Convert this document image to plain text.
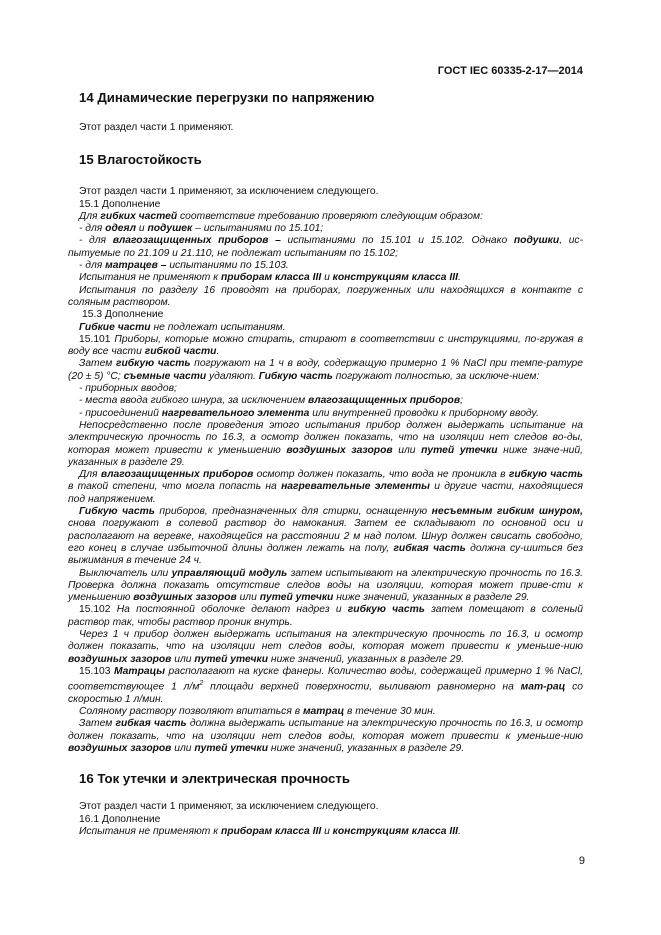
ГОСТ IEC 60335-2-17—2014
14 Динамические перегрузки по напряжению

Этот раздел части 1 применяют.

15 Влагостойкость

Этот раздел части 1 применяют, за исключением следующего.

15.1 Дополнение

Для гибких частей соответствие требованию проверяют следующим образом:

- для одеял и подушек – испытаниями по 15.101;

- для влагозащищенных приборов – испытаниями по 15.101 и 15.102. Однако подушки, ис-пытуемые по 21.109 и 21.110, не подлежат испытаниям по 15.102;

- для матрацев – испытаниями по 15.103.

Испытания не применяют к приборам класса III и конструкциям класса III.

Испытания по разделу 16 проводят на приборах, погруженных или находящихся в контакте с соляным раствором.

15.3 Дополнение

Гибкие части не подлежат испытаниям.

15.101 Приборы, которые можно стирать, стирают в соответствии с инструкциями, по-гружая в воду все части гибкой части.

Затем гибкую часть погружают на 1 ч в воду, содержащую примерно 1 % NaCl при темпе-ратуре (20 ± 5) °С; съемные части удаляют. Гибкую часть погружают полностью, за исключе-нием:

- приборных вводов;

- места ввода гибкого шнура, за исключением влагозащищенных приборов;

- присоединений нагревательного элемента или внутренней проводки к приборному вводу.

Непосредственно после проведения этого испытания прибор должен выдержать испытание на электрическую прочность по 16.3, а осмотр должен показать, что на изоляции нет следов во-ды, которая может привести к уменьшению воздушных зазоров или путей утечки ниже значе-ний, указанных в разделе 29.

Для влагозащищенных приборов осмотр должен показать, что вода не проникла в гибкую часть в такой степени, что могла попасть на нагревательные элементы и другие части, находящиеся под напряжением.

Гибкую часть приборов, предназначенных для стирки, оснащенную несъемным гибким шнуром, снова погружают в солевой раствор до намокания. Затем ее складывают по основной оси и располагают на веревке, находящейся на расстоянии 2 м над полом. Шнур должен свисать свободно, его конец в случае избыточной длины должен лежать на полу, гибкая часть должна су-шиться без выжимания в течение 24 ч.

Выключатель или управляющий модуль затем испытывают на электрическую прочность по 16.3. Проверка должна показать отсутствие следов воды на изоляции, которая может приве-сти к уменьшению воздушных зазоров или путей утечки ниже значений, указанных в разделе 29.

15.102 На постоянной оболочке делают надрез и гибкую часть затем помещают в соленый раствор так, чтобы раствор проник внутрь.

Через 1 ч прибор должен выдержать испытания на электрическую прочность по 16.3, и осмотр должен показать, что на изоляции нет следов воды, которая может привести к уменьше-нию воздушных зазоров или путей утечки ниже значений, указанных в разделе 29.

15.103 Матрацы располагают на куске фанеры. Количество воды, содержащей примерно 1 % NaCl, соответствующее 1 $л/м^2$ площади верхней поверхности, выливают равномерно на мат-рац со скоростью 1 л/мин.

Соляному раствору позволяют впитаться в матрац в течение 30 мин.

Затем гибкая часть должна выдержать испытание на электрическую прочность по 16.3, и осмотр должен показать, что на изоляции нет следов воды, которая может привести к уменьше-нию воздушных зазоров или путей утечки ниже значений, указанных в разделе 29.

16 Ток утечки и электрическая прочность

Этот раздел части 1 применяют, за исключением следующего.

16.1 Дополнение

Испытания не применяют к приборам класса III и конструкциям класса III.

9
